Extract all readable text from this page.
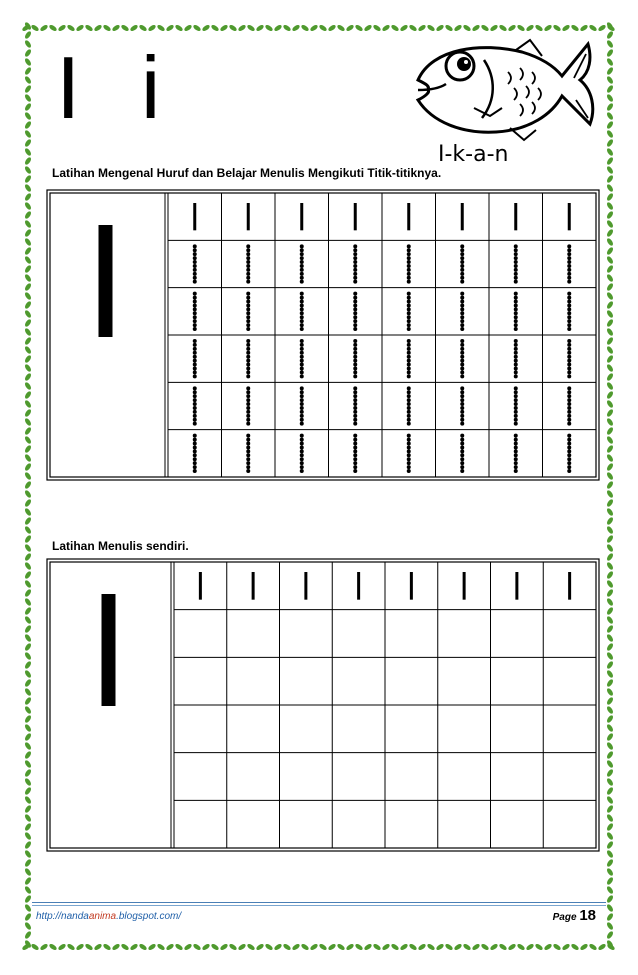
I i
I-k-a-n
Latihan Mengenal Huruf dan Belajar Menulis Mengikuti Titik-titiknya.
Latihan Menulis sendiri.
http://nandaanima.blogspot.com/	Page 18
